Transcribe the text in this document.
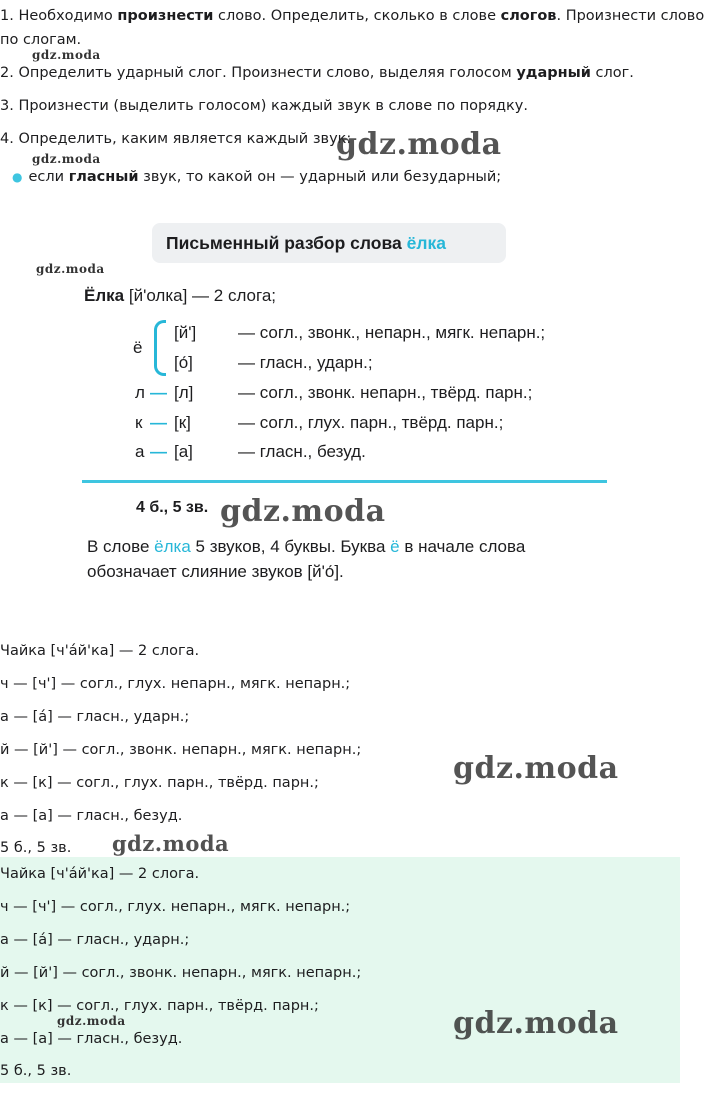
1. Необходимо произнести слово. Определить, сколько в слове слогов. Произнести слово
по слогам.
gdz.moda
2. Определить ударный слог. Произнести слово, выделяя голосом ударный слог.
3. Произнести (выделить голосом) каждый звук в слове по порядку.
4. Определить, каким является каждый звук:
gdz.moda
gdz.moda
● если гласный звук, то какой он — ударный или безударный;
Письменный разбор слова ёлка
gdz.moda
Ёлка [й'олка] — 2 слога;
ё
[й'] — согл., звонк., непарн., мягк. непарн.;
[о́]	— гласн., ударн.;
л — [л]	— согл., звонк. непарн., твёрд. парн.;
к — [к]	— согл., глух. парн., твёрд. парн.;
а — [а]	— гласн., безуд.
4 б., 5 зв. gdz.moda
В слове ёлка 5 звуков, 4 буквы. Буква ё в начале слова
обозначает слияние звуков [й'о́].
Чайка [ч'а́й'ка] — 2 слога.
ч — [ч'] — согл., глух. непарн., мягк. непарн.;
а — [а́] — гласн., ударн.;
й — [й'] — согл., звонк. непарн., мягк. непарн.;
gdz.moda
к — [к] — согл., глух. парн., твёрд. парн.;
а — [а] — гласн., безуд.
gdz.moda
5 б., 5 зв.
Чайка [ч'а́й'ка] — 2 слога.
ч — [ч'] — согл., глух. непарн., мягк. непарн.;
а — [а́] — гласн., ударн.;
й — [й'] — согл., звонк. непарн., мягк. непарн.;
к — [к] — согл., глух. парн., твёрд. парн.;
gdz.moda	gdz.moda
а — [а] — гласн., безуд.
5 б., 5 зв.
